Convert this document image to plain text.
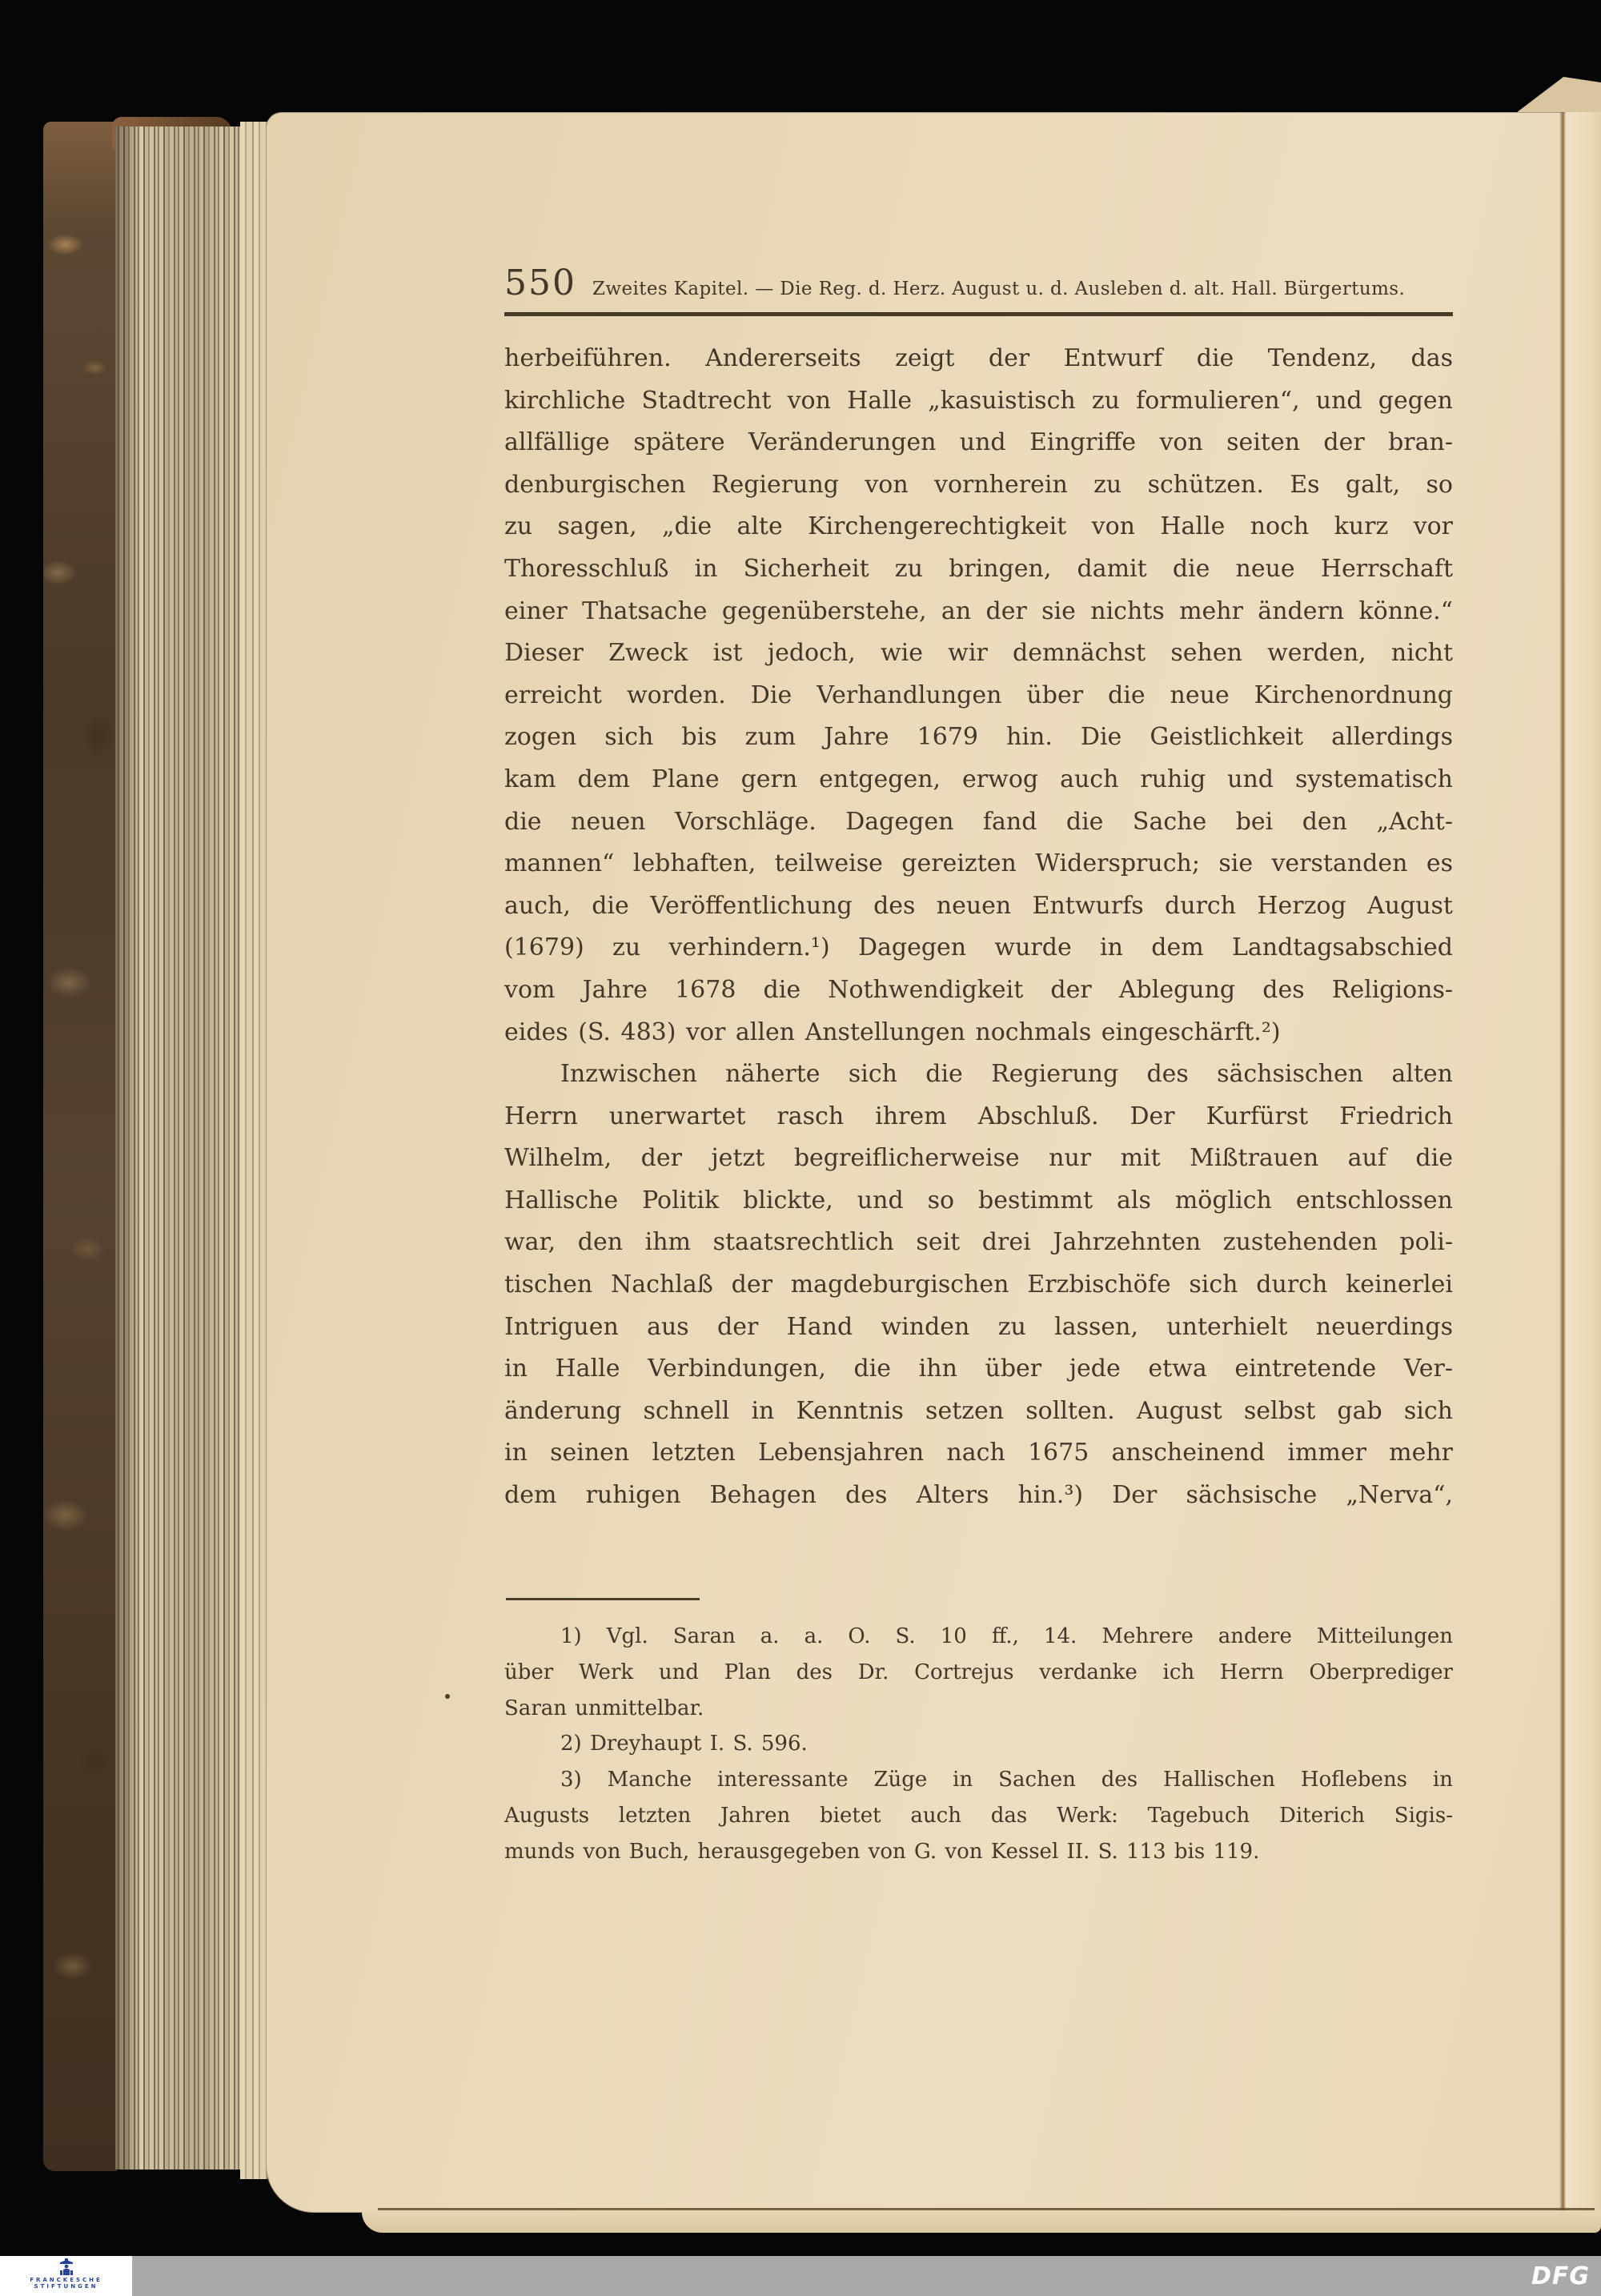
550 Zweites Kapitel. — Die Reg. d. Herz. August u. d. Ausleben d. alt. Hall. Bürgertums.
herbeiführen. Andererseits zeigt der Entwurf die Tendenz, das
kirchliche Stadtrecht von Halle „kasuistisch zu formulieren“, und gegen
allfällige spätere Veränderungen und Eingriffe von seiten der bran-
denburgischen Regierung von vornherein zu schützen. Es galt, so
zu sagen, „die alte Kirchengerechtigkeit von Halle noch kurz vor
Thoresschluß in Sicherheit zu bringen, damit die neue Herrschaft
einer Thatsache gegenüberstehe, an der sie nichts mehr ändern könne.“
Dieser Zweck ist jedoch, wie wir demnächst sehen werden, nicht
erreicht worden. Die Verhandlungen über die neue Kirchenordnung
zogen sich bis zum Jahre 1679 hin. Die Geistlichkeit allerdings
kam dem Plane gern entgegen, erwog auch ruhig und systematisch
die neuen Vorschläge. Dagegen fand die Sache bei den „Acht-
mannen“ lebhaften, teilweise gereizten Widerspruch; sie verstanden es
auch, die Veröffentlichung des neuen Entwurfs durch Herzog August
(1679) zu verhindern.¹) Dagegen wurde in dem Landtagsabschied
vom Jahre 1678 die Nothwendigkeit der Ablegung des Religions-
eides (S. 483) vor allen Anstellungen nochmals eingeschärft.²)
Inzwischen näherte sich die Regierung des sächsischen alten
Herrn unerwartet rasch ihrem Abschluß. Der Kurfürst Friedrich
Wilhelm, der jetzt begreiflicherweise nur mit Mißtrauen auf die
Hallische Politik blickte, und so bestimmt als möglich entschlossen
war, den ihm staatsrechtlich seit drei Jahrzehnten zustehenden poli-
tischen Nachlaß der magdeburgischen Erzbischöfe sich durch keinerlei
Intriguen aus der Hand winden zu lassen, unterhielt neuerdings
in Halle Verbindungen, die ihn über jede etwa eintretende Ver-
änderung schnell in Kenntnis setzen sollten. August selbst gab sich
in seinen letzten Lebensjahren nach 1675 anscheinend immer mehr
dem ruhigen Behagen des Alters hin.³) Der sächsische „Nerva“,
1) Vgl. Saran a. a. O. S. 10 ff., 14. Mehrere andere Mitteilungen
über Werk und Plan des Dr. Cortrejus verdanke ich Herrn Oberprediger
Saran unmittelbar.
2) Dreyhaupt I. S. 596.
3) Manche interessante Züge in Sachen des Hallischen Hoflebens in
Augusts letzten Jahren bietet auch das Werk: Tagebuch Diterich Sigis-
munds von Buch, herausgegeben von G. von Kessel II. S. 113 bis 119.
FRANCKESCHE
STIFTUNGEN	DFG
